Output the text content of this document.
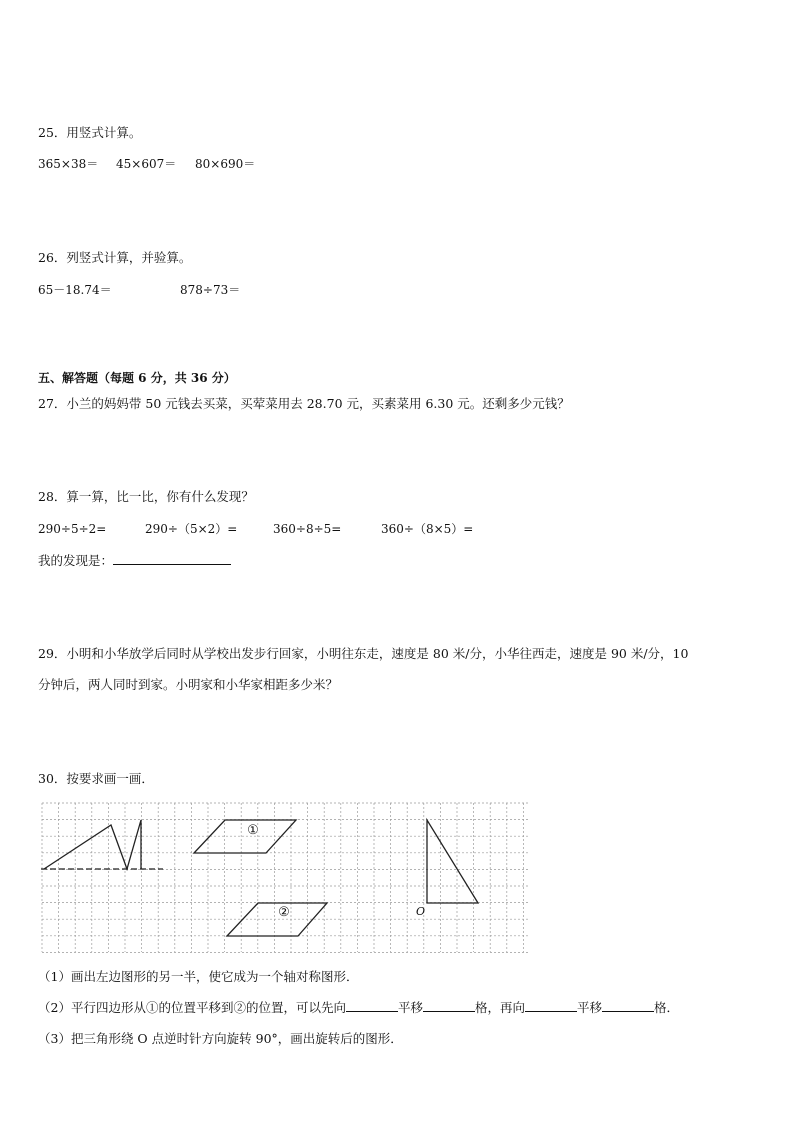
25．用竖式计算。
365×38＝ 45×607＝ 80×690＝
26．列竖式计算，并验算。
65－18.74＝	878÷73＝
五、解答题（每题 6 分，共 36 分）
27．小兰的妈妈带 50 元钱去买菜，买荤菜用去 28.70 元，买素菜用 6.30 元。还剩多少元钱？
28．算一算，比一比，你有什么发现？
290÷5÷2=	290÷（5×2）=	360÷8÷5=	360÷（8×5）=
我的发现是：
29．小明和小华放学后同时从学校出发步行回家，小明往东走，速度是 80 米/分，小华往西走，速度是 90 米/分，10
分钟后，两人同时到家。小明家和小华家相距多少米？
30．按要求画一画．
①
②	O
（1）画出左边图形的另一半，使它成为一个轴对称图形．
（2）平行四边形从①的位置平移到②的位置，可以先向	平移	格，再向	平移	格．
（3）把三角形绕 O 点逆时针方向旋转 90°，画出旋转后的图形．
